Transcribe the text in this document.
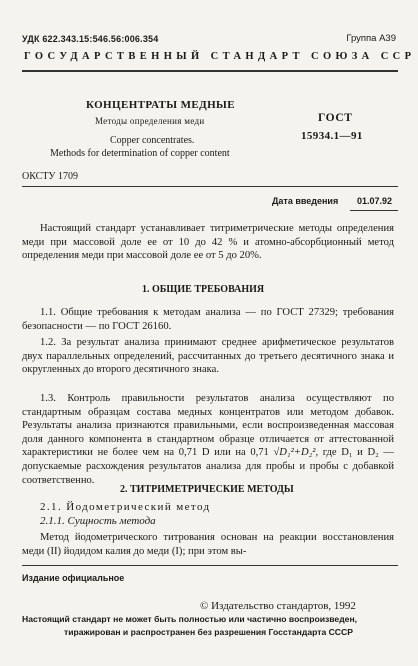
УДК 622.343.15:546.56:006.354	Группа А39
ГОСУДАРСТВЕННЫЙ СТАНДАРТ СОЮЗА ССР
КОНЦЕНТРАТЫ МЕДНЫЕ
Методы определения меди
Copper concentrates.
Methods for determination of copper content
ГОСТ
15934.1—91
ОКСТУ 1709
Дата введения 01.07.92
Настоящий стандарт устанавливает титриметрические методы определения меди при массовой доле ее от 10 до 42 % и атомно-абсорбционный метод определения меди при массовой доле ее от 5 до 20%.
1. ОБЩИЕ ТРЕБОВАНИЯ
1.1. Общие требования к методам анализа — по ГОСТ 27329; требования безопасности — по ГОСТ 26160.
1.2. За результат анализа принимают среднее арифметическое результатов двух параллельных определений, рассчитанных до третьего десятичного знака и округленных до второго десятичного знака.
1.3. Контроль правильности результатов анализа осуществляют по стандартным образцам состава медных концентратов или методом добавок. Результаты анализа признаются правильными, если воспроизведенная массовая доля данного компонента в стандартном образце отличается от аттестованной характеристики не более чем на 0,71 D или на 0,71 √D₁²+D₂², где D₁ и D₂ — допускаемые расхождения результатов анализа для пробы и пробы с добавкой соответственно.
2. ТИТРИМЕТРИЧЕСКИЕ МЕТОДЫ
2.1. Йодометрический метод
2.1.1. Сущность метода
Метод йодометрического титрования основан на реакции восстановления меди (II) йодидом калия до меди (I); при этом вы-
Издание официальное
© Издательство стандартов, 1992
Настоящий стандарт не может быть полностью или частично воспроизведен,
тиражирован и распространен без разрешения Госстандарта СССР
